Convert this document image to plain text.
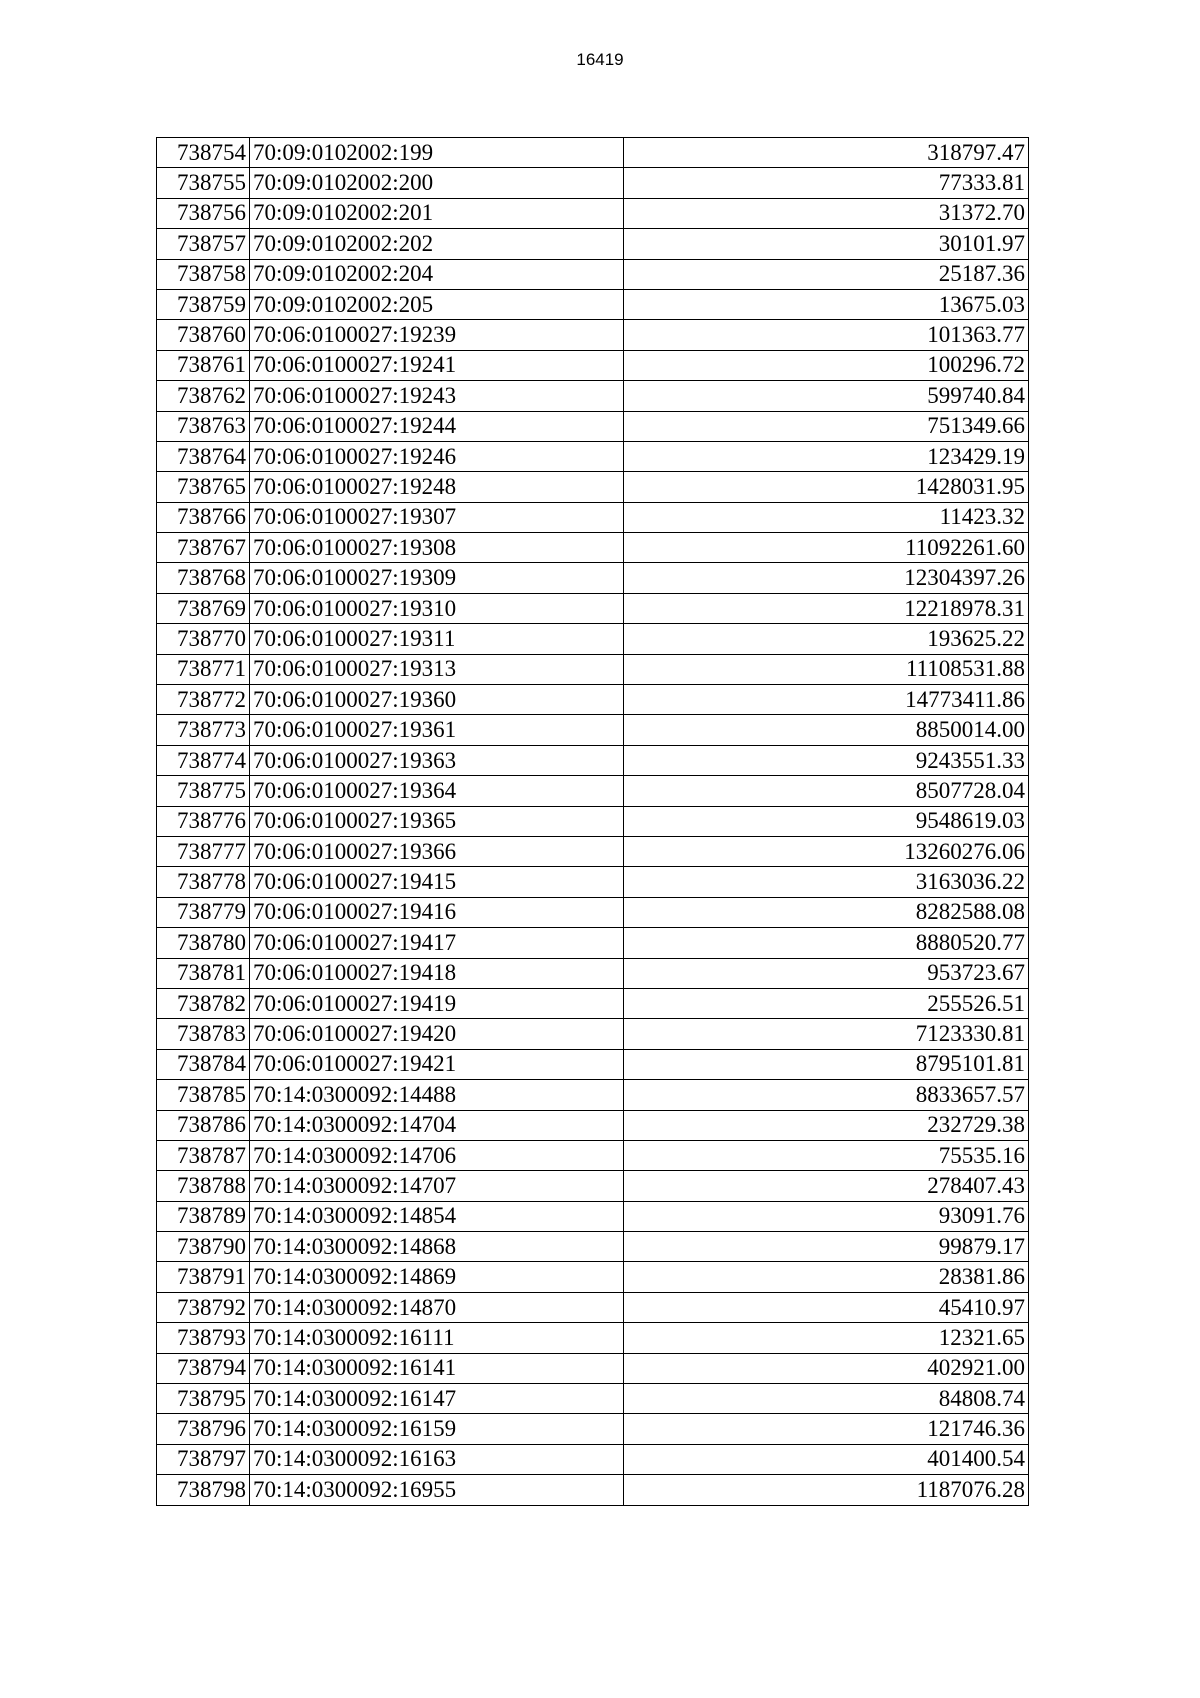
16419
738754	70:09:0102002:199	318797.47
738755	70:09:0102002:200	77333.81
738756	70:09:0102002:201	31372.70
738757	70:09:0102002:202	30101.97
738758	70:09:0102002:204	25187.36
738759	70:09:0102002:205	13675.03
738760	70:06:0100027:19239	101363.77
738761	70:06:0100027:19241	100296.72
738762	70:06:0100027:19243	599740.84
738763	70:06:0100027:19244	751349.66
738764	70:06:0100027:19246	123429.19
738765	70:06:0100027:19248	1428031.95
738766	70:06:0100027:19307	11423.32
738767	70:06:0100027:19308	11092261.60
738768	70:06:0100027:19309	12304397.26
738769	70:06:0100027:19310	12218978.31
738770	70:06:0100027:19311	193625.22
738771	70:06:0100027:19313	11108531.88
738772	70:06:0100027:19360	14773411.86
738773	70:06:0100027:19361	8850014.00
738774	70:06:0100027:19363	9243551.33
738775	70:06:0100027:19364	8507728.04
738776	70:06:0100027:19365	9548619.03
738777	70:06:0100027:19366	13260276.06
738778	70:06:0100027:19415	3163036.22
738779	70:06:0100027:19416	8282588.08
738780	70:06:0100027:19417	8880520.77
738781	70:06:0100027:19418	953723.67
738782	70:06:0100027:19419	255526.51
738783	70:06:0100027:19420	7123330.81
738784	70:06:0100027:19421	8795101.81
738785	70:14:0300092:14488	8833657.57
738786	70:14:0300092:14704	232729.38
738787	70:14:0300092:14706	75535.16
738788	70:14:0300092:14707	278407.43
738789	70:14:0300092:14854	93091.76
738790	70:14:0300092:14868	99879.17
738791	70:14:0300092:14869	28381.86
738792	70:14:0300092:14870	45410.97
738793	70:14:0300092:16111	12321.65
738794	70:14:0300092:16141	402921.00
738795	70:14:0300092:16147	84808.74
738796	70:14:0300092:16159	121746.36
738797	70:14:0300092:16163	401400.54
738798	70:14:0300092:16955	1187076.28
